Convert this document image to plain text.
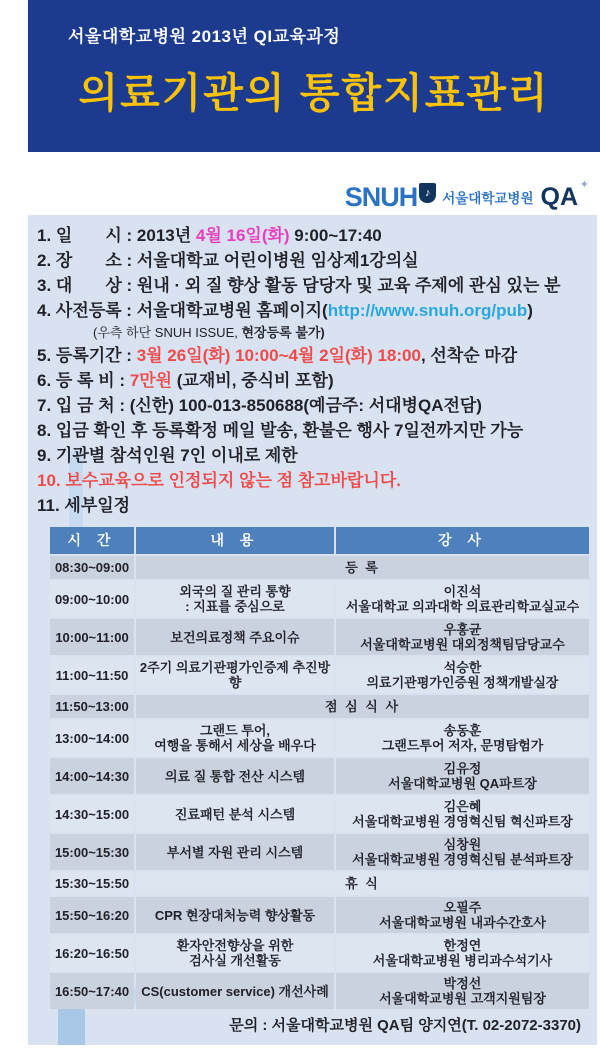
서울대학교병원 2013년 QI교육과정
의료기관의 통합지표관리
SNUH ♪ 서울대학교병원 QA ✦
1. 일       시 : 2013년 4월 16일(화) 9:00~17:40
2. 장       소 : 서울대학교 어린이병원 임상제1강의실
3. 대       상 : 원내 · 외 질 향상 활동 담당자 및 교육 주제에 관심 있는 분
4. 사전등록 : 서울대학교병원 홈페이지(http://www.snuh.org/pub)
(우측 하단 SNUH ISSUE, 현장등록 불가)
5. 등록기간 : 3월 26일(화) 10:00~4월 2일(화) 18:00, 선착순 마감
6. 등 록 비 : 7만원 (교재비, 중식비 포함)
7. 입 금 처 : (신한) 100-013-850688(예금주: 서대병QA전담)
8. 입금 확인 후 등록확정 메일 발송, 환불은 행사 7일전까지만 가능
9. 기관별 참석인원 7인 이내로 제한
10. 보수교육으로 인정되지 않는 점 참고바랍니다.
11. 세부일정
시 간	내 용	강 사
08:30~09:00	등 록	
09:00~10:00	외국의 질 관리 통향
: 지표를 중심으로	이진석
서울대학교 의과대학 의료관리학교실교수
10:00~11:00	보건의료정책 주요이슈	우홍균
서울대학교병원 대외정책팀담당교수
11:00~11:50	2주기 의료기관평가인증제 추진방향	석승한
의료기관평가인증원 정책개발실장
11:50~13:00	점 심 식 사	
13:00~14:00	그랜드 투어,
여행을 통해서 세상을 배우다	송동훈
그랜드투어 저자, 문명탐험가
14:00~14:30	의료 질 통합 전산 시스템	김유정
서울대학교병원 QA파트장
14:30~15:00	진료패턴 분석 시스템	김은혜
서울대학교병원 경영혁신팀 혁신파트장
15:00~15:30	부서별 자원 관리 시스템	심창원
서울대학교병원 경영혁신팀 분석파트장
15:30~15:50	휴 식	
15:50~16:20	CPR 현장대처능력 향상활동	오필주
서울대학교병원 내과수간호사
16:20~16:50	환자안전향상을 위한
검사실 개선활동	한정연
서울대학교병원 병리과수석기사
16:50~17:40	CS(customer service) 개선사례	박정선
서울대학교병원 고객지원팀장
문의 : 서울대학교병원 QA팀 양지연(T. 02-2072-3370)
